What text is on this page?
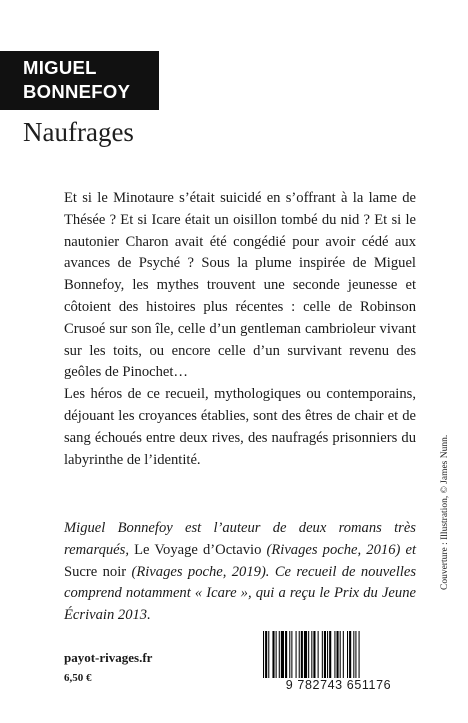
MIGUEL
BONNEFOY
Naufrages

Et si le Minotaure s’était suicidé en s’offrant à la lame de Thésée ? Et si Icare était un oisillon tombé du nid ? Et si le nautonier Charon avait été congédié pour avoir cédé aux avances de Psyché ? Sous la plume inspirée de Miguel Bonnefoy, les mythes trouvent une seconde jeunesse et côtoient des histoires plus récentes : celle de Robinson Crusoé sur son île, celle d’un gentleman cambrioleur vivant sur les toits, ou encore celle d’un survivant revenu des geôles de Pinochet…

Les héros de ce recueil, mythologiques ou contemporains, déjouant les croyances établies, sont des êtres de chair et de sang échoués entre deux rives, des naufragés prisonniers du labyrinthe de l’identité.

Miguel Bonnefoy est l’auteur de deux romans très remarqués, Le Voyage d’Octavio (Rivages poche, 2016) et Sucre noir (Rivages poche, 2019). Ce recueil de nouvelles comprend notamment « Icare », qui a reçu le Prix du Jeune Écrivain 2013.
payot-rivages.fr
6,50 €	9 782743 651176
Couverture : Illustration, © James Nunn.
